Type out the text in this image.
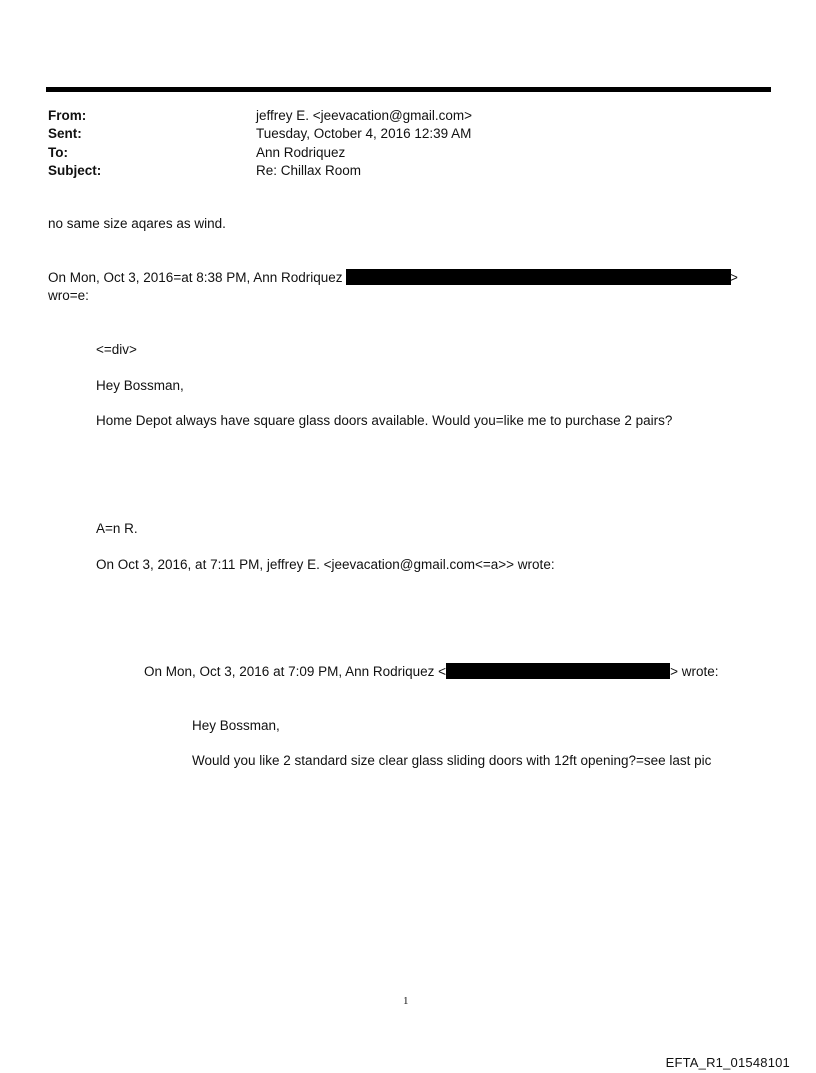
From:	jeffrey E. <jeevacation@gmail.com>
Sent:	Tuesday, October 4, 2016 12:39 AM
To:	Ann Rodriquez
Subject:	Re: Chillax Room
no same size aqares as wind.
On Mon, Oct 3, 2016=at 8:38 PM, Ann Rodriquez	>
wro=e:
<=div>
Hey Bossman,
Home Depot always have square glass doors available. Would you=like me to purchase 2 pairs?
A=n R.
On Oct 3, 2016, at 7:11 PM, jeffrey E. <jeevacation@gmail.com<=a>> wrote:
On Mon, Oct 3, 2016 at 7:09 PM, Ann Rodriquez <	> wrote:
Hey Bossman,
Would you like 2 standard size clear glass sliding doors with 12ft opening?=see last pic
1
EFTA_R1_01548101
